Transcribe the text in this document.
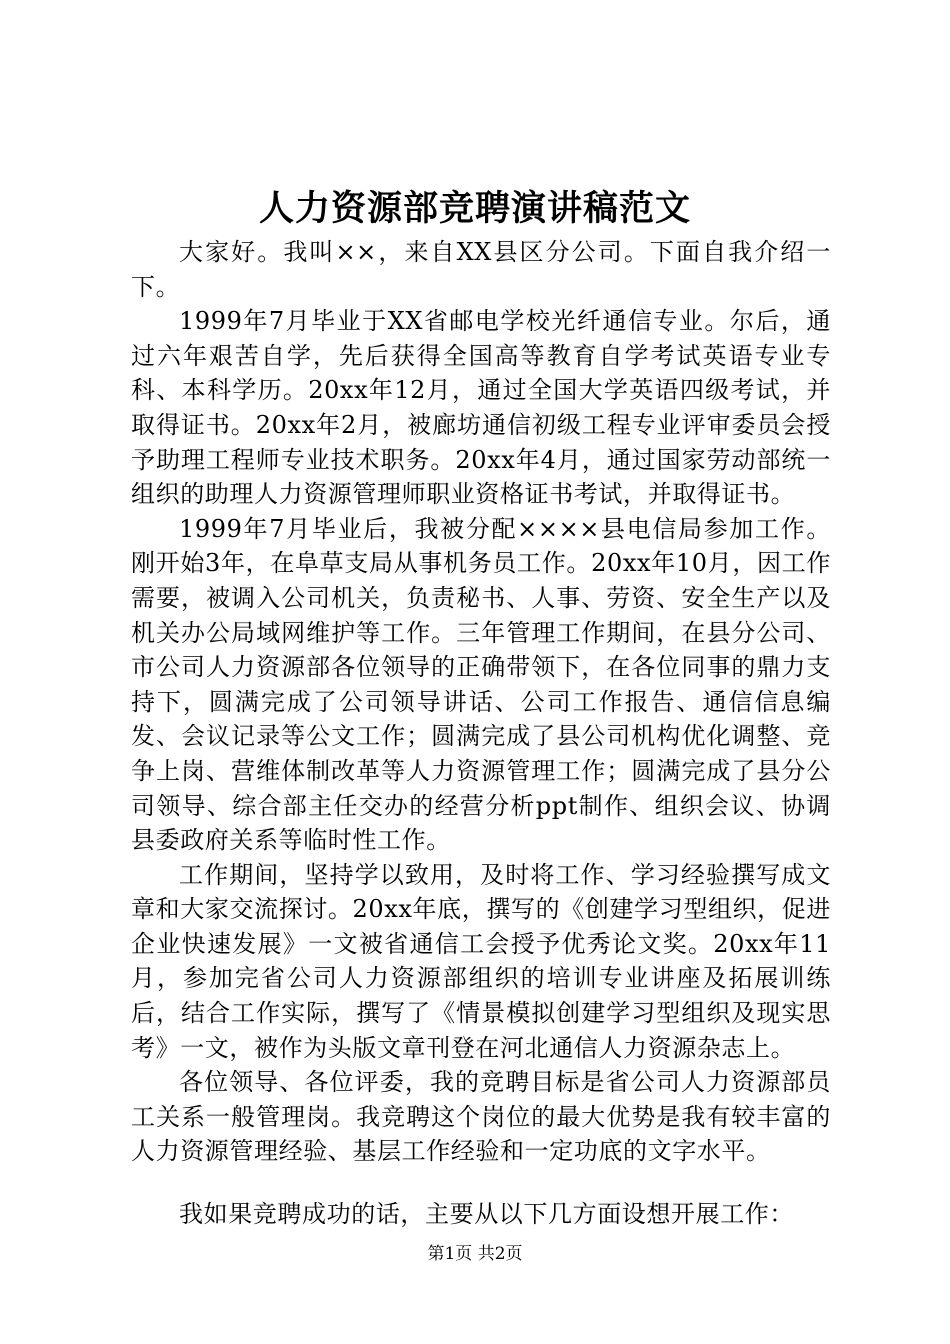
人力资源部竞聘演讲稿范文

大家好。我叫××，来自XX县区分公司。下面自我介绍一下。

1999年7月毕业于XX省邮电学校光纤通信专业。尔后，通过六年艰苦自学，先后获得全国高等教育自学考试英语专业专科、本科学历。20xx年12月，通过全国大学英语四级考试，并取得证书。20xx年2月，被廊坊通信初级工程专业评审委员会授予助理工程师专业技术职务。20xx年4月，通过国家劳动部统一组织的助理人力资源管理师职业资格证书考试，并取得证书。

1999年7月毕业后，我被分配××××县电信局参加工作。刚开始3年，在阜草支局从事机务员工作。20xx年10月，因工作需要，被调入公司机关，负责秘书、人事、劳资、安全生产以及机关办公局域网维护等工作。三年管理工作期间，在县分公司、市公司人力资源部各位领导的正确带领下，在各位同事的鼎力支持下，圆满完成了公司领导讲话、公司工作报告、通信信息编发、会议记录等公文工作；圆满完成了县公司机构优化调整、竞争上岗、营维体制改革等人力资源管理工作；圆满完成了县分公司领导、综合部主任交办的经营分析ppt制作、组织会议、协调县委政府关系等临时性工作。

工作期间，坚持学以致用，及时将工作、学习经验撰写成文章和大家交流探讨。20xx年底，撰写的《创建学习型组织，促进企业快速发展》一文被省通信工会授予优秀论文奖。20xx年11月，参加完省公司人力资源部组织的培训专业讲座及拓展训练后，结合工作实际，撰写了《情景模拟创建学习型组织及现实思考》一文，被作为头版文章刊登在河北通信人力资源杂志上。

各位领导、各位评委，我的竞聘目标是省公司人力资源部员工关系一般管理岗。我竞聘这个岗位的最大优势是我有较丰富的人力资源管理经验、基层工作经验和一定功底的文字水平。

我如果竞聘成功的话，主要从以下几方面设想开展工作：

第1页 共2页
